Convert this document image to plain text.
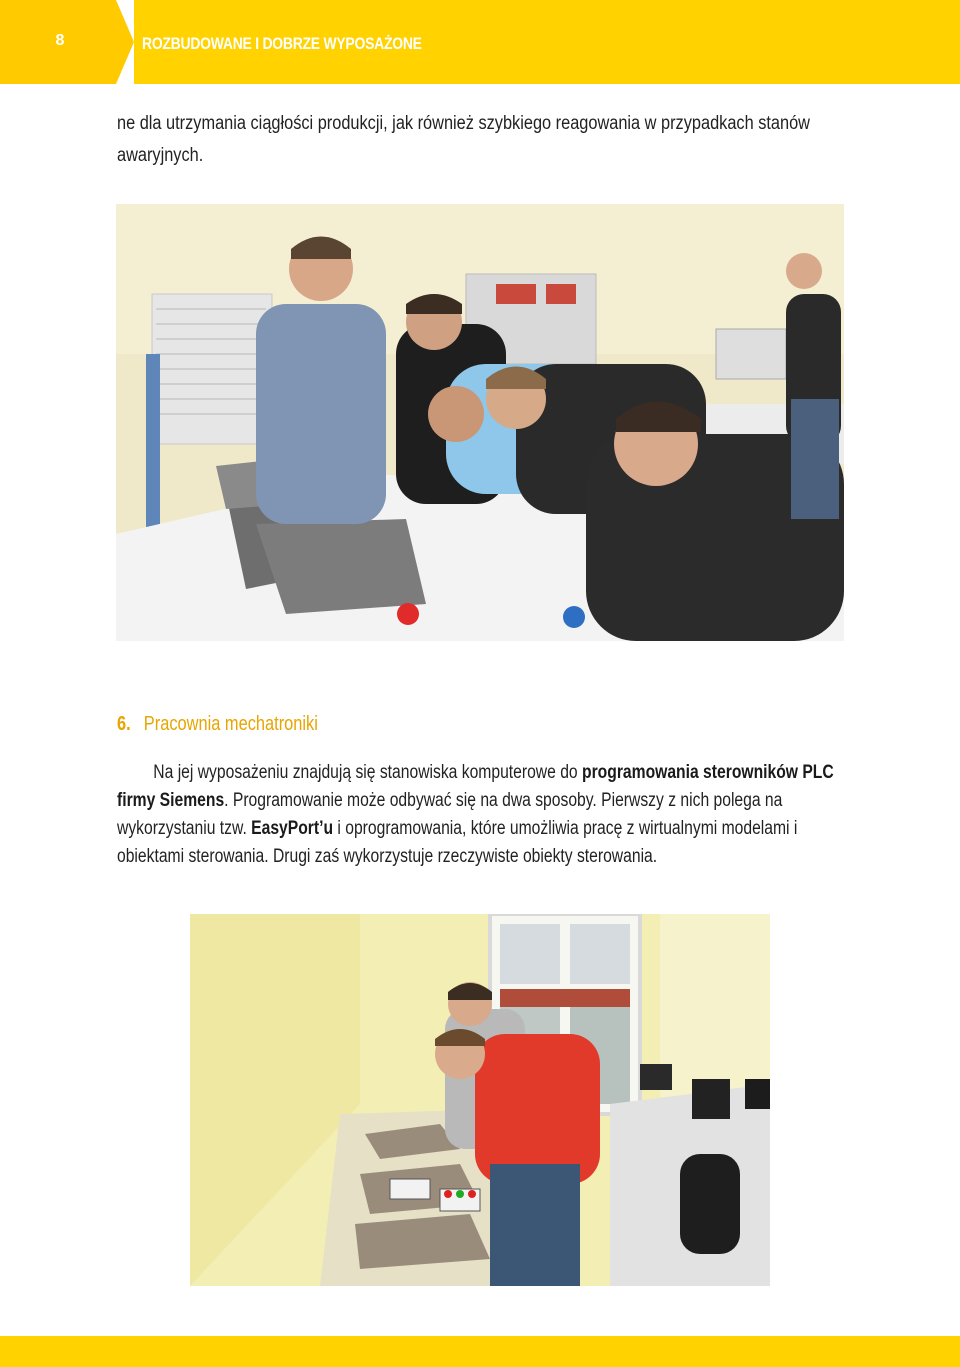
8	ROZBUDOWANE I DOBRZE WYPOSAŻONE
ne dla utrzymania ciągłości produkcji, jak również szybkiego reagowania w przypadkach stanów
awaryjnych.
6. Pracownia mechatroniki
Na jej wyposażeniu znajdują się stanowiska komputerowe do programowania sterowników PLC firmy Siemens. Programowanie może odbywać się na dwa sposoby. Pierwszy z nich polega na wykorzystaniu tzw. EasyPort’u i oprogramowania, które umożliwia pracę z wirtualnymi modelami i obiektami sterowania. Drugi zaś wykorzystuje rzeczywiste obiekty sterowania.
